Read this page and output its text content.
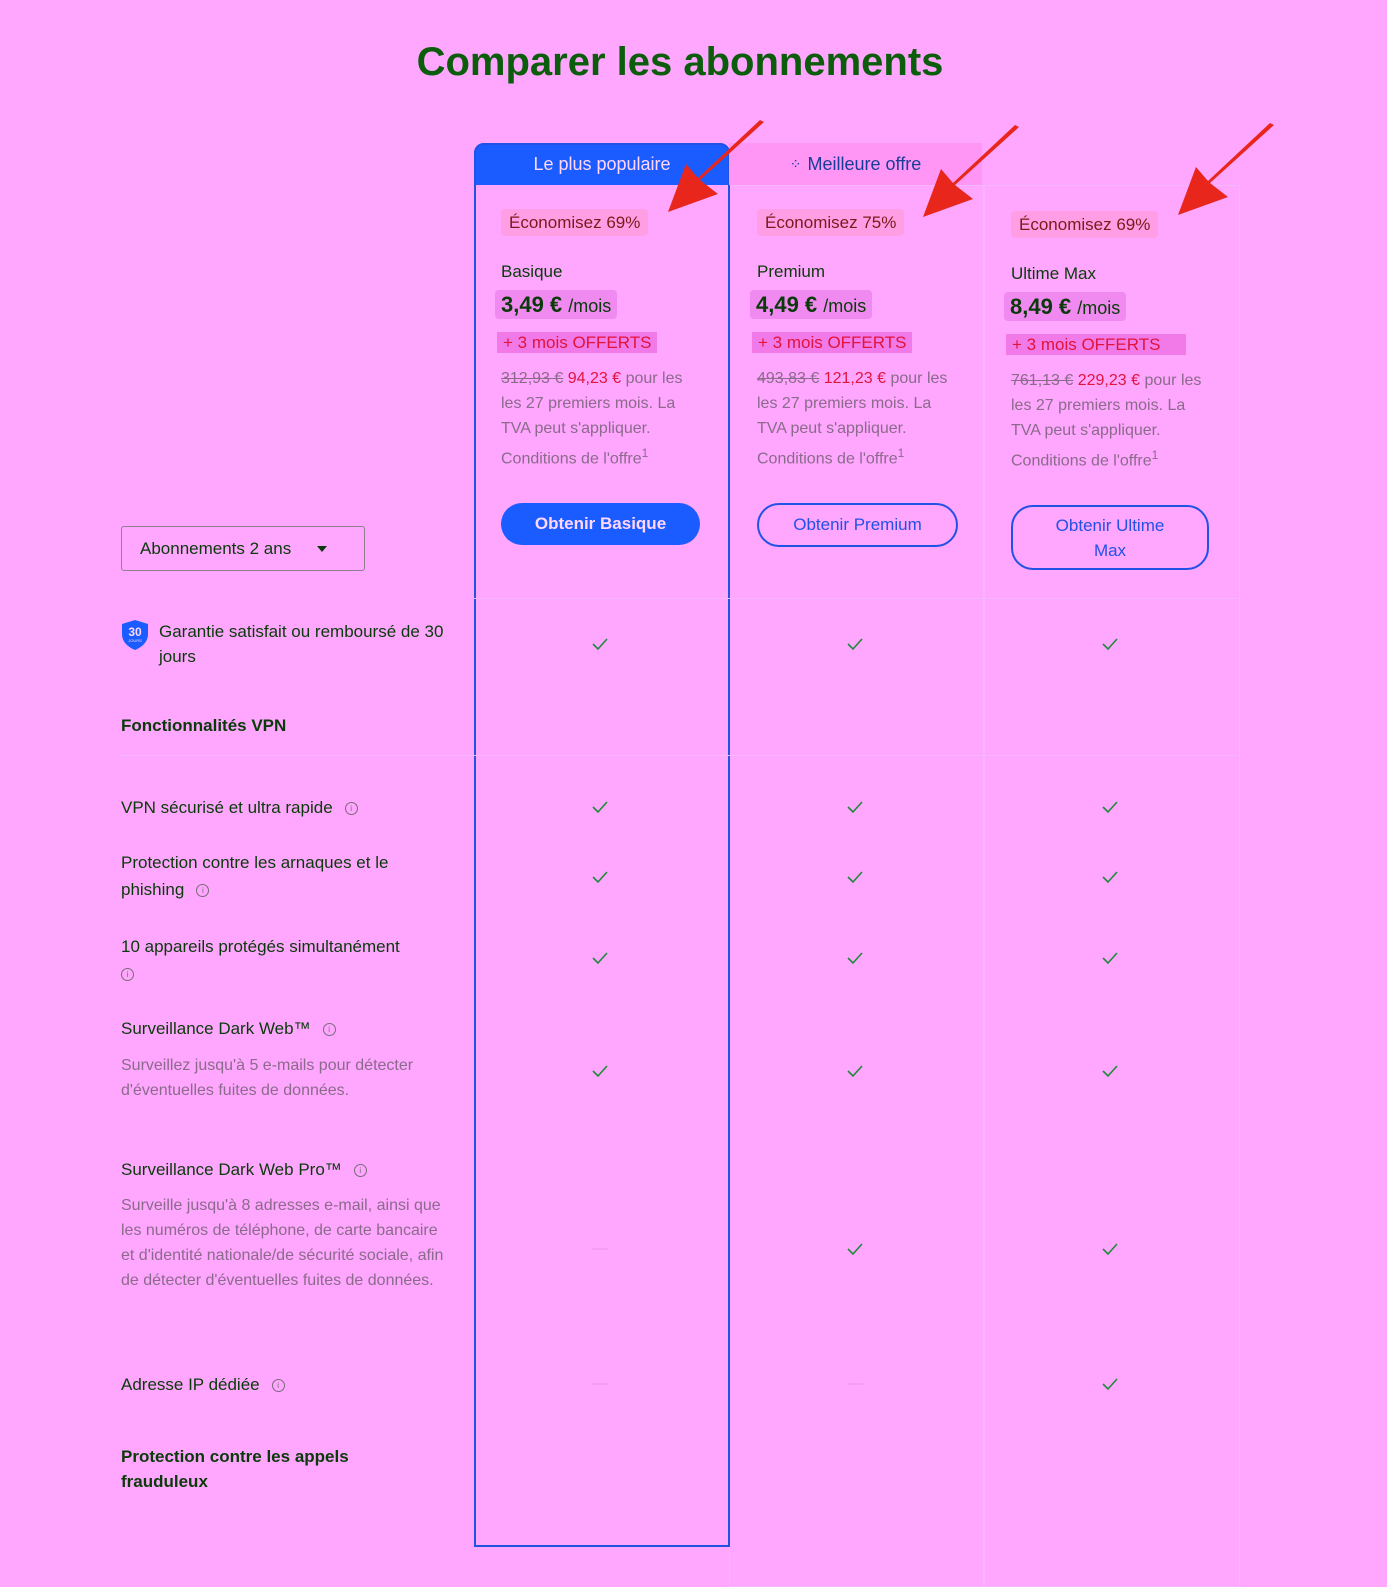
Comparer les abonnements
Le plus populaire	⁘ Meilleure offre
Économisez 69%
Basique
3,49 € /mois
+ 3 mois OFFERTS
312,93 € 94,23 € pour les les 27 premiers mois. La TVA peut s'appliquer. Conditions de l'offre$^1$
Obtenir Basique
Économisez 75%
Premium
4,49 € /mois
+ 3 mois OFFERTS
493,83 € 121,23 € pour les les 27 premiers mois. La TVA peut s'appliquer. Conditions de l'offre$^1$
Obtenir Premium
Économisez 69%
Ultime Max
8,49 € /mois
+ 3 mois OFFERTS
761,13 € 229,23 € pour les les 27 premiers mois. La TVA peut s'appliquer. Conditions de l'offre$^1$
Obtenir Ultime Max
Abonnements 2 ans
30
JOURS Garantie satisfait ou remboursé de 30 jours
Fonctionnalités VPN
VPN sécurisé et ultra rapide i
Protection contre les arnaques et le phishing i
10 appareils protégés simultanément
i
Surveillance Dark Web™ i
Surveillez jusqu'à 5 e-mails pour détecter d'éventuelles fuites de données.
Surveillance Dark Web Pro™ i
Surveille jusqu'à 8 adresses e-mail, ainsi que les numéros de téléphone, de carte bancaire et d'identité nationale/de sécurité sociale, afin de détecter d'éventuelles fuites de données.
Adresse IP dédiée i
Protection contre les appels frauduleux
